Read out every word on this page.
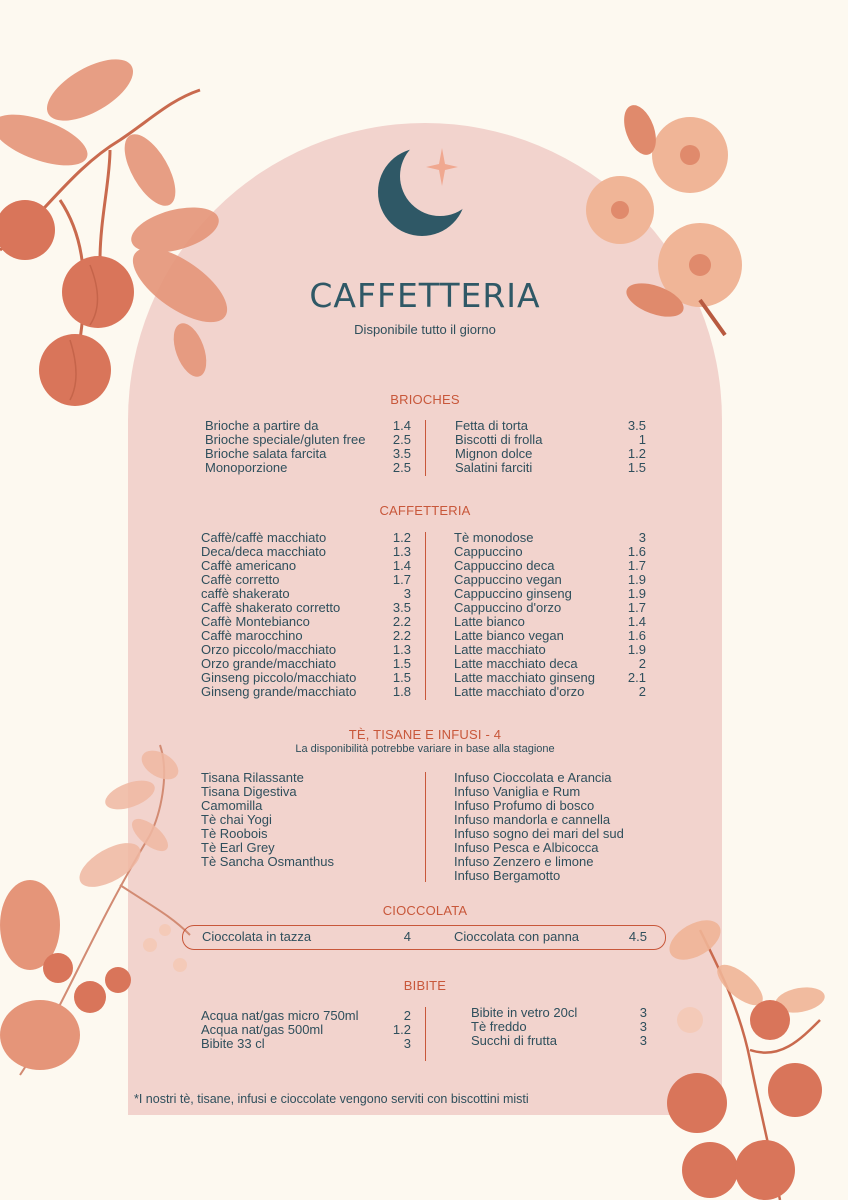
CAFFETTERIA

Disponibile tutto il giorno

BRIOCHES
Brioche a partire da	1.4
Brioche speciale/gluten free 2.5
Brioche salata farcita	3.5
Monoporzione	2.5
Fetta di torta	3.5
Biscotti di frolla	1
Mignon dolce	1.2
Salatini farciti	1.5
CAFFETTERIA
Caffè/caffè macchiato	1.2
Deca/deca macchiato	1.3
Caffè americano	1.4
Caffè corretto	1.7
caffè shakerato	3
Caffè shakerato corretto	3.5
Caffè Montebianco	2.2
Caffè marocchino	2.2
Orzo piccolo/macchiato	1.3
Orzo grande/macchiato	1.5
Ginseng piccolo/macchiato	1.5
Ginseng grande/macchiato	1.8
Tè monodose	3
Cappuccino	1.6
Cappuccino deca	1.7
Cappuccino vegan	1.9
Cappuccino ginseng	1.9
Cappuccino d'orzo	1.7
Latte bianco	1.4
Latte bianco vegan	1.6
Latte macchiato	1.9
Latte macchiato deca	2
Latte macchiato ginseng	2.1
Latte macchiato d'orzo	2
TÈ, TISANE E INFUSI - 4
La disponibilità potrebbe variare in base alla stagione
Tisana Rilassante
Tisana Digestiva
Camomilla
Tè chai Yogi
Tè Roobois
Tè Earl Grey
Tè Sancha Osmanthus
Infuso Cioccolata e Arancia
Infuso Vaniglia e Rum
Infuso Profumo di bosco
Infuso mandorla e cannella
Infuso sogno dei mari del sud
Infuso Pesca e Albicocca
Infuso Zenzero e limone
Infuso Bergamotto
CIOCCOLATA
Cioccolata in tazza	4	Cioccolata con panna	4.5
BIBITE
Acqua nat/gas micro 750ml	2
Acqua nat/gas 500ml	1.2
Bibite 33 cl	3
Bibite in vetro 20cl	3
Tè freddo	3
Succhi di frutta	3
*I nostri tè, tisane, infusi e cioccolate vengono serviti con biscottini misti
